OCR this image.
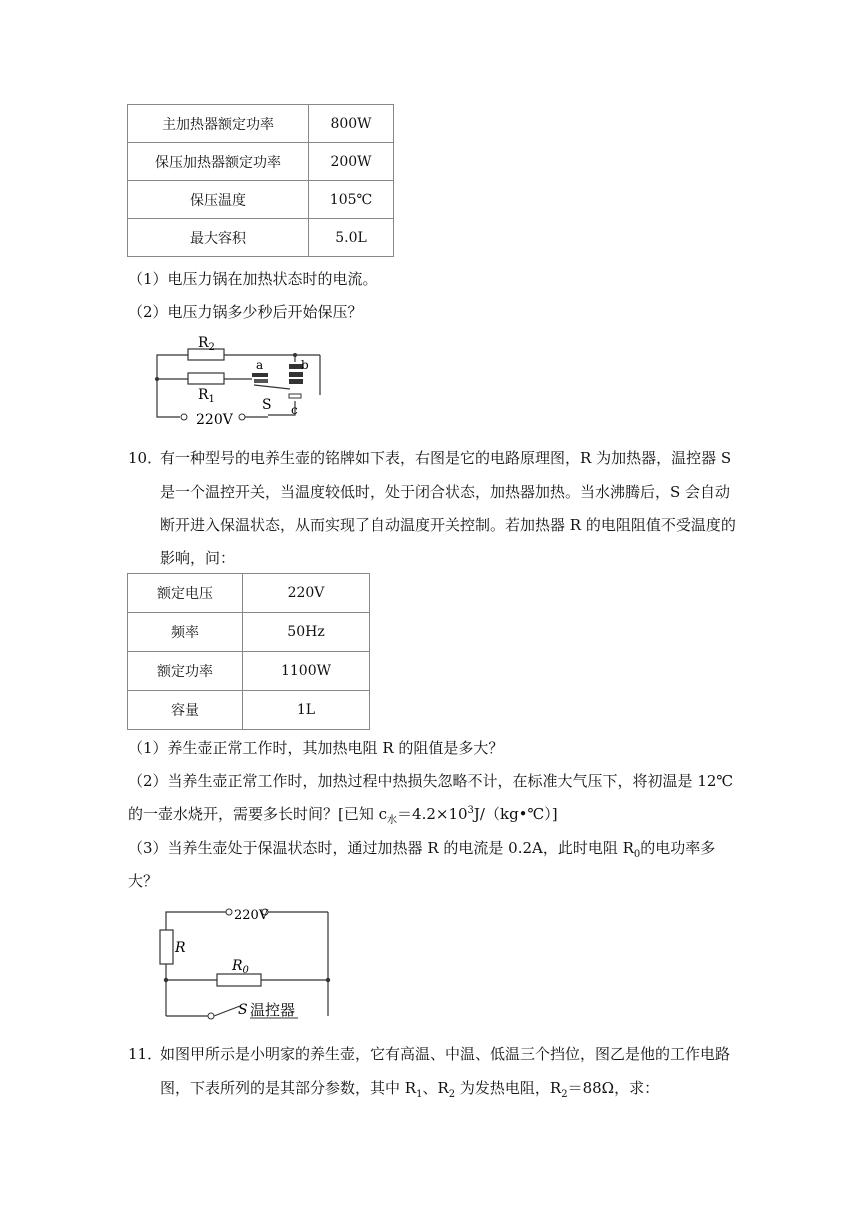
主加热器额定功率	800W
保压加热器额定功率	200W
保压温度	105℃
最大容积	5.0L
（1）电压力锅在加热状态时的电流。
（2）电压力锅多少秒后开始保压？
$R_2$
$R_1$
a	b
c
S
220V
10．
有一种型号的电养生壶的铭牌如下表，右图是它的电路原理图，R 为加热器，温控器 S
是一个温控开关，当温度较低时，处于闭合状态，加热器加热。当水沸腾后，S 会自动
断开进入保温状态，从而实现了自动温度开关控制。若加热器 R 的电阻阻值不受温度的
影响，问：
额定电压	220V
频率	50Hz
额定功率	1100W
容量	1L
（1）养生壶正常工作时，其加热电阻 R 的阻值是多大？
（2）当养生壶正常工作时，加热过程中热损失忽略不计，在标准大气压下，将初温是 12℃
的一壶水烧开，需要多长时间？[已知 $c_水=4.2\times 10^3J/(kg•℃)$]
（3）当养生壶处于保温状态时，通过加热器 R 的电流是 0.2A，此时电阻 $R_0$的电功率多
大？
220V
R
$R_0$
S 温控器
11．
如图甲所示是小明家的养生壶，它有高温、中温、低温三个挡位，图乙是他的工作电路
图，下表所列的是其部分参数，其中 $R_1$、$R_2$ 为发热电阻，$R_2=88\Omega$，求：
